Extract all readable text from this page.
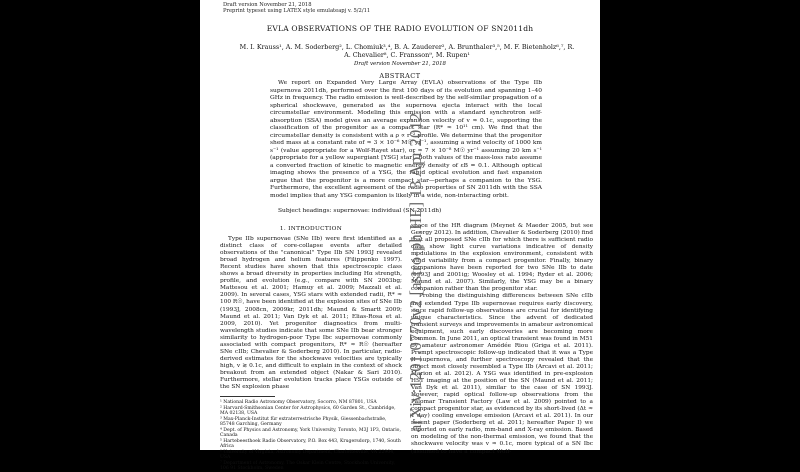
Draft version November 21, 2018
Preprint typeset using LATEX style emulateapj v. 5/2/11
EVLA OBSERVATIONS OF THE RADIO EVOLUTION OF SN2011dh
M. I. Krauss¹, A. M. Soderberg², L. Chomiuk³,⁴, B. A. Zauderer², A. Brunthaler³,⁵, M. F. Bietenholz⁶,⁷, R. A. Chevalier⁸, C. Fransson⁹, M. Rupen¹
Draft version November 21, 2018
ABSTRACT
We report on Expanded Very Large Array (EVLA) observations of the Type IIb supernova 2011dh, performed over the first 100 days of its evolution and spanning 1–40 GHz in frequency. The radio emission is well-described by the self-similar propagation of a spherical shockwave, generated as the supernova ejecta interact with the local circumstellar environment. Modeling this emission with a standard synchrotron self-absorption (SSA) model gives an average expansion velocity of v ≈ 0.1c, supporting the classification of the progenitor as a compact star (R* ≈ 10¹¹ cm). We find that the circumstellar density is consistent with a ρ ∝ r⁻² profile. We determine that the progenitor shed mass at a constant rate of ≈ 3 × 10⁻⁶ M☉ yr⁻¹, assuming a wind velocity of 1000 km s⁻¹ (value appropriate for a Wolf-Rayet star), or ≈ 7 × 10⁻⁸ M☉ yr⁻¹ assuming 20 km s⁻¹ (appropriate for a yellow supergiant [YSG] star). Both values of the mass-loss rate assume a converted fraction of kinetic to magnetic energy density of εB = 0.1. Although optical imaging shows the presence of a YSG, the rapid optical evolution and fast expansion argue that the progenitor is a more compact star—perhaps a companion to the YSG. Furthermore, the excellent agreement of the radio properties of SN 2011dh with the SSA model implies that any YSG companion is likely in a wide, non-interacting orbit.
Subject headings: supernovae: individual (SN 2011dh)
1. INTRODUCTION

Type IIb supernovae (SNe IIb) were first identified as a distinct class of core-collapse events after detailed observations of the "canonical" Type IIb SN 1993J revealed broad hydrogen and helium features (Filippenko 1997). Recent studies have shown that this spectroscopic class shows a broad diversity in properties including Hα strength, profile, and evolution (e.g., compare with SN 2003bg; Mattesou et al. 2001; Hamuy et al. 2009; Mazzali et al. 2009). In several cases, YSG stars with extended radii, R* ≈ 100 R☉, have been identified at the explosion sites of SNe IIb (1993J, 2008cn, 2009kr, 2011dh; Maund & Smartt 2009; Maund et al. 2011; Van Dyk et al. 2011; Elias-Rosa et al. 2009, 2010). Yet progenitor diagnostics from multi-wavelength studies indicate that some SNe IIb bear stronger similarity to hydrogen-poor Type Ibc supernovae commonly associated with compact progenitors, R* ≈ R☉ (hereafter SNe cIIb; Chevalier & Soderberg 2010). In particular, radio-derived estimates for the shockwave velocities are typically high, v ≳ 0.1c, and difficult to explain in the context of shock breakout from an extended object (Nakar & Sari 2010). Furthermore, stellar evolution tracks place YSGs outside of the SN explosion phase

¹ National Radio Astronomy Observatory, Socorro, NM 87801, USA
² Harvard-Smithsonian Center for Astrophysics, 60 Garden St., Cambridge, MA 02138, USA
³ Max-Planck-Institut für extraterrestrische Physik, Giessenbachstraße, 85748 Garching, Germany
⁴ Dept. of Physics and Astronomy, York University, Toronto, M3J 1P3, Ontario, Canada
⁵ Hartebeesthoek Radio Observatory, P.O. Box 443, Krugersdorp, 1740, South Africa
⁶ University of Virginia, Astronomy Department, Charlottesville, VA 22904, USA
⁷ Department of Astronomy, The Oskar Klein Centre, Stockholm University, 106 91 Stockholm, Sweden

space of the HR diagram (Meynet & Maeder 2005, but see Georgy 2012). In addition, Chevalier & Soderberg (2010) find that all proposed SNe cIIb for which there is sufficient radio data show light curve variations indicative of density modulations in the explosion environment, consistent with wind variability from a compact progenitor. Finally, binary companions have been reported for two SNe IIb to date (1993J and 2001ig; Woosley et al. 1994; Ryder et al. 2006; Maund et al. 2007). Similarly, the YSG may be a binary companion rather than the progenitor star.

Probing the distinguishing differences between SNe cIIb and extended Type IIb supernovae requires early discovery, since rapid follow-up observations are crucial for identifying unique characteristics. Since the advent of dedicated transient surveys and improvements in amateur astronomical equipment, such early discoveries are becoming more common. In June 2011, an optical transient was found in M51 by amateur astronomer Amédée Riou (Griga et al. 2011). Prompt spectroscopic follow-up indicated that it was a Type II supernova, and further spectroscopy revealed that the object most closely resembled a Type IIb (Arcavi et al. 2011; Marion et al. 2012). A YSG was identified in pre-explosion HST imaging at the position of the SN (Maund et al. 2011; Van Dyk et al. 2011), similar to the case of SN 1993J. However, rapid optical follow-up observations from the Palomar Transient Factory (Law et al. 2009) pointed to a compact progenitor star, as evidenced by its short-lived (Δt ≈ 1 day) cooling envelope emission (Arcavi et al. 2011). In our recent paper (Soderberg et al. 2011; hereafter Paper I) we reported on early radio, mm-band and X-ray emission. Based on modeling of the non-thermal emission, we found that the shockwave velocity was v ≈ 0.1c, more typical of a SN Ibc (assumed to have a compact Wolf-

arXiv:1201.0770v2 [astro-ph.HE] 13 Apr 2012
